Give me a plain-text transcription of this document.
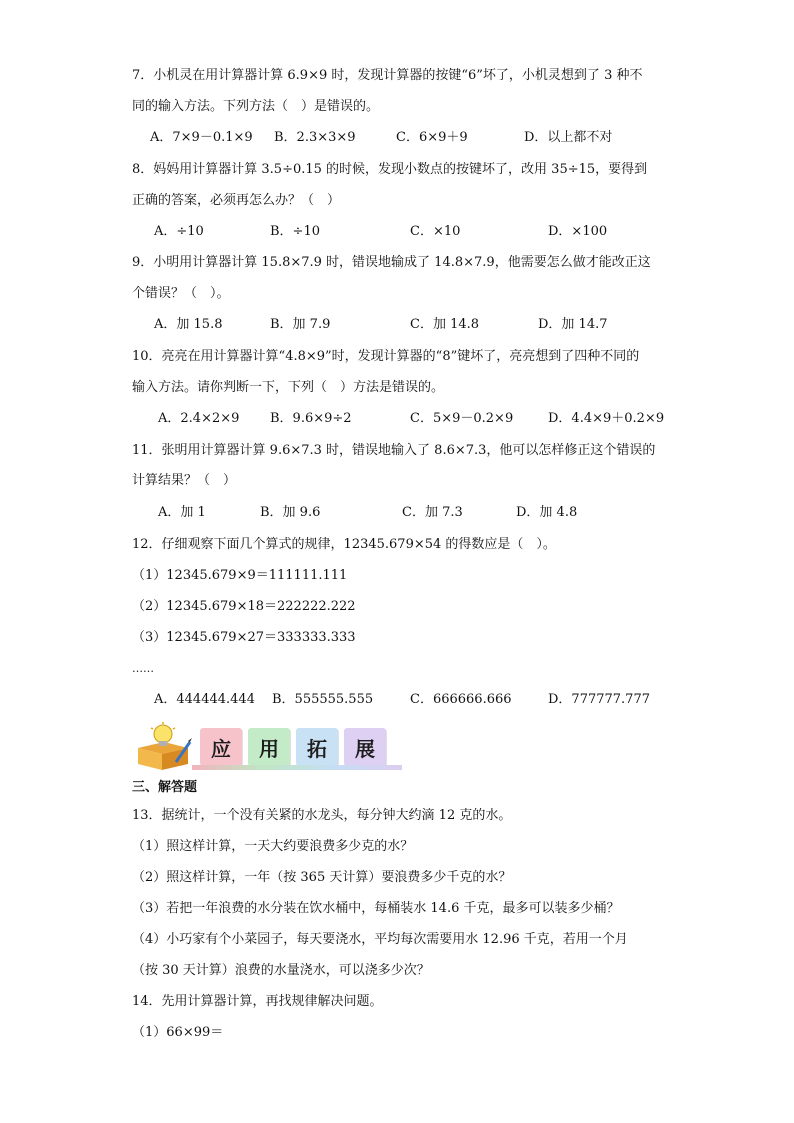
7．小机灵在用计算器计算 6.9×9 时，发现计算器的按键“6”坏了，小机灵想到了 3 种不
同的输入方法。下列方法（　）是错误的。
A．7×9－0.1×9 B．2.3×3×9	C．6×9＋9	D．以上都不对
8．妈妈用计算器计算 3.5÷0.15 的时候，发现小数点的按键坏了，改用 35÷15，要得到
正确的答案，必须再怎么办？（　）
A．÷10	B．÷10	C．×10	D．×100
9．小明用计算器计算 15.8×7.9 时，错误地输成了 14.8×7.9，他需要怎么做才能改正这
个错误？（　）。
A．加 15.8	B．加 7.9	C．加 14.8	D．加 14.7
10．亮亮在用计算器计算“4.8×9”时，发现计算器的“8”键坏了，亮亮想到了四种不同的
输入方法。请你判断一下，下列（　）方法是错误的。
A．2.4×2×9 B．9.6×9÷2	C．5×9－0.2×9	D．4.4×9＋0.2×9
11．张明用计算器计算 9.6×7.3 时，错误地输入了 8.6×7.3，他可以怎样修正这个错误的
计算结果？（　）
A．加 1	B．加 9.6	C．加 7.3	D．加 4.8
12．仔细观察下面几个算式的规律，12345.679×54 的得数应是（　）。
（1）12345.679×9＝111111.111
（2）12345.679×18＝222222.222
（3）12345.679×27＝333333.333
……
A．444444.444 B．555555.555	C．666666.666	D．777777.777
应	用	拓	展
三、解答题
13．据统计，一个没有关紧的水龙头，每分钟大约滴 12 克的水。
（1）照这样计算，一天大约要浪费多少克的水？
（2）照这样计算，一年（按 365 天计算）要浪费多少千克的水？
（3）若把一年浪费的水分装在饮水桶中，每桶装水 14.6 千克，最多可以装多少桶？
（4）小巧家有个小菜园子，每天要浇水，平均每次需要用水 12.96 千克，若用一个月
（按 30 天计算）浪费的水量浇水，可以浇多少次？
14．先用计算器计算，再找规律解决问题。
（1）66×99＝
